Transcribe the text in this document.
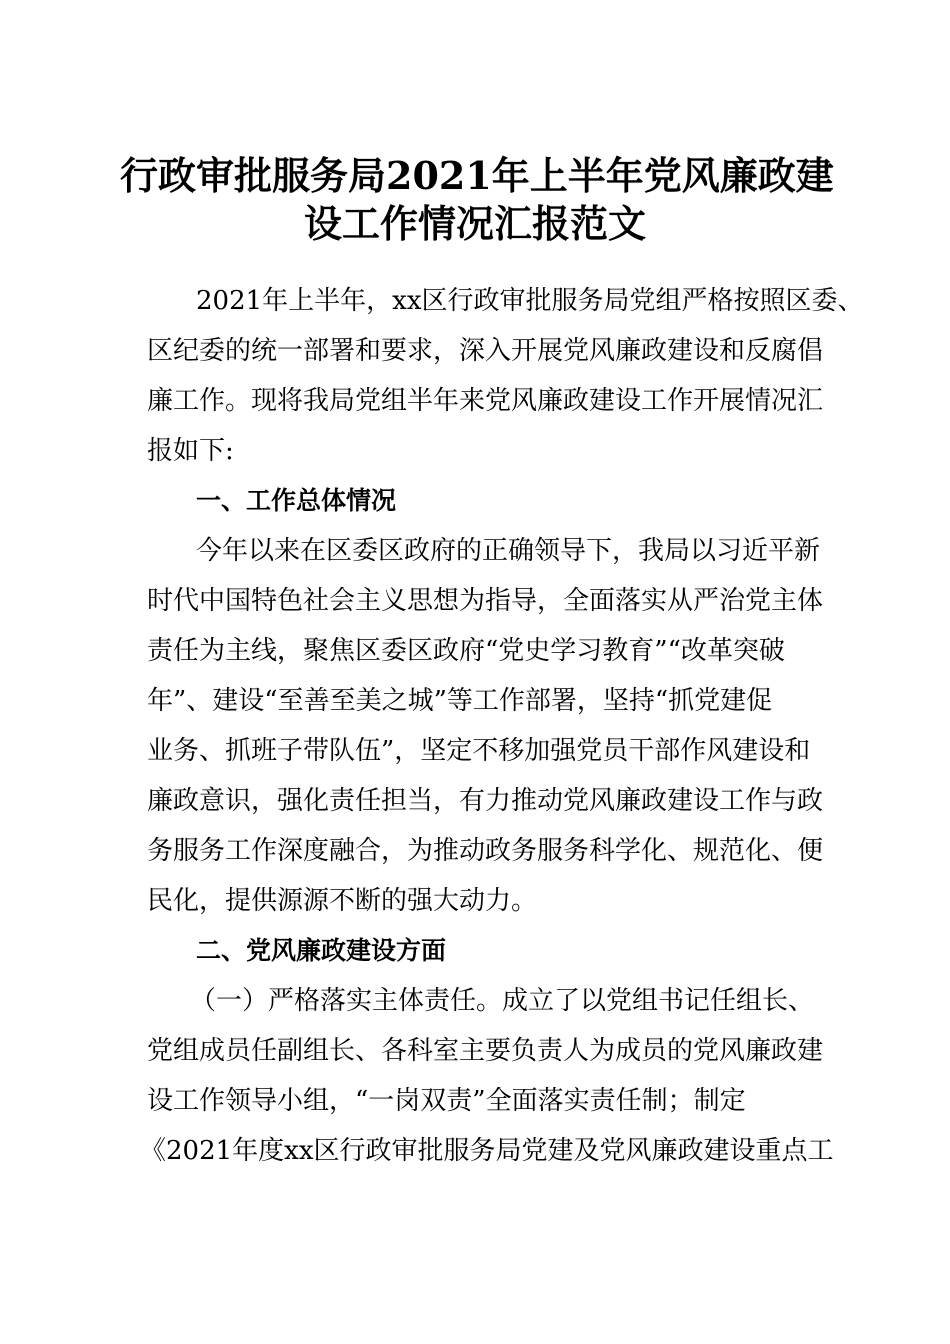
行政审批服务局2021年上半年党风廉政建
设工作情况汇报范文

2021年上半年，xx区行政审批服务局党组严格按照区委、

区纪委的统一部署和要求，深入开展党风廉政建设和反腐倡

廉工作。现将我局党组半年来党风廉政建设工作开展情况汇

报如下:

一、工作总体情况

今年以来在区委区政府的正确领导下，我局以习近平新

时代中国特色社会主义思想为指导，全面落实从严治党主体

责任为主线，聚焦区委区政府“党史学习教育”“改革突破

年”、建设“至善至美之城”等工作部署，坚持“抓党建促

业务、抓班子带队伍”，坚定不移加强党员干部作风建设和

廉政意识，强化责任担当，有力推动党风廉政建设工作与政

务服务工作深度融合，为推动政务服务科学化、规范化、便

民化，提供源源不断的强大动力。

二、党风廉政建设方面

（一）严格落实主体责任。成立了以党组书记任组长、

党组成员任副组长、各科室主要负责人为成员的党风廉政建

设工作领导小组，“一岗双责”全面落实责任制；制定

《2021年度xx区行政审批服务局党建及党风廉政建设重点工
